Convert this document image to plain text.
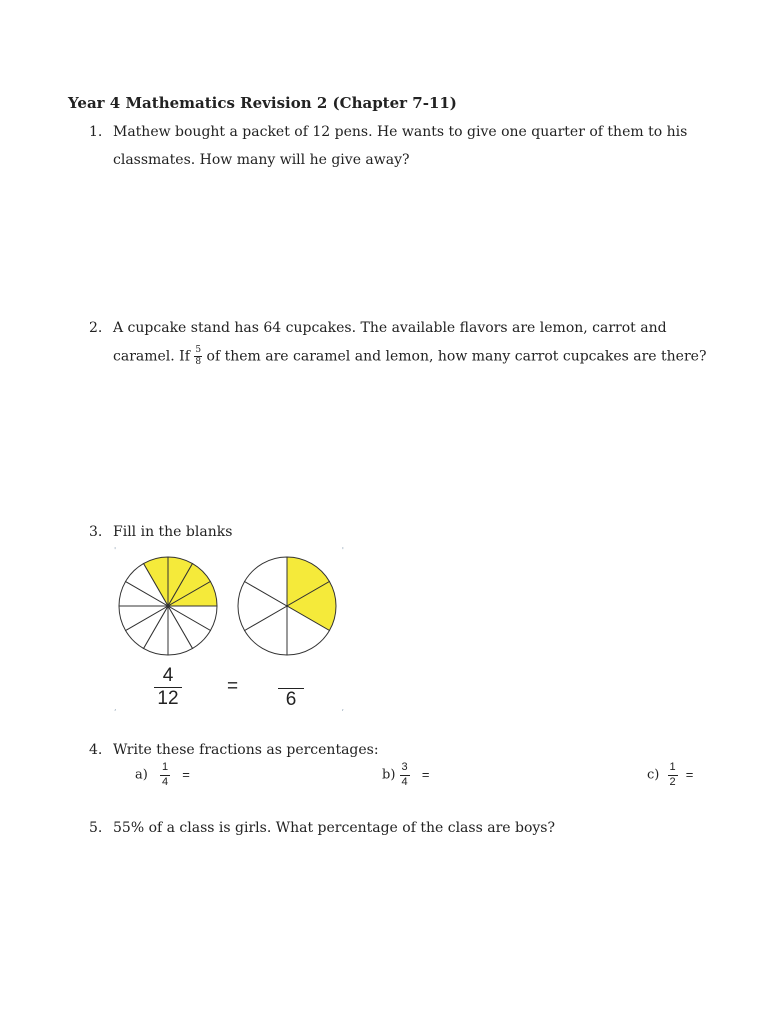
Year 4 Mathematics Revision 2 (Chapter 7-11)
1. Mathew bought a packet of 12 pens. He wants to give one quarter of them to his
classmates. How many will he give away?
2. A cupcake stand has 64 cupcakes. The available flavors are lemon, carrot and
caramel. If $\frac{5}{8}$ of them are caramel and lemon, how many carrot cupcakes are there?
3. Fill in the blanks
'	'
,	,
4
12
=
6
4. Write these fractions as percentages:
$a) \frac{1}{4}$ =	$b) \frac{3}{4}$ =	$c) \frac{1}{2}$ =
5. 55% of a class is girls. What percentage of the class are boys?
